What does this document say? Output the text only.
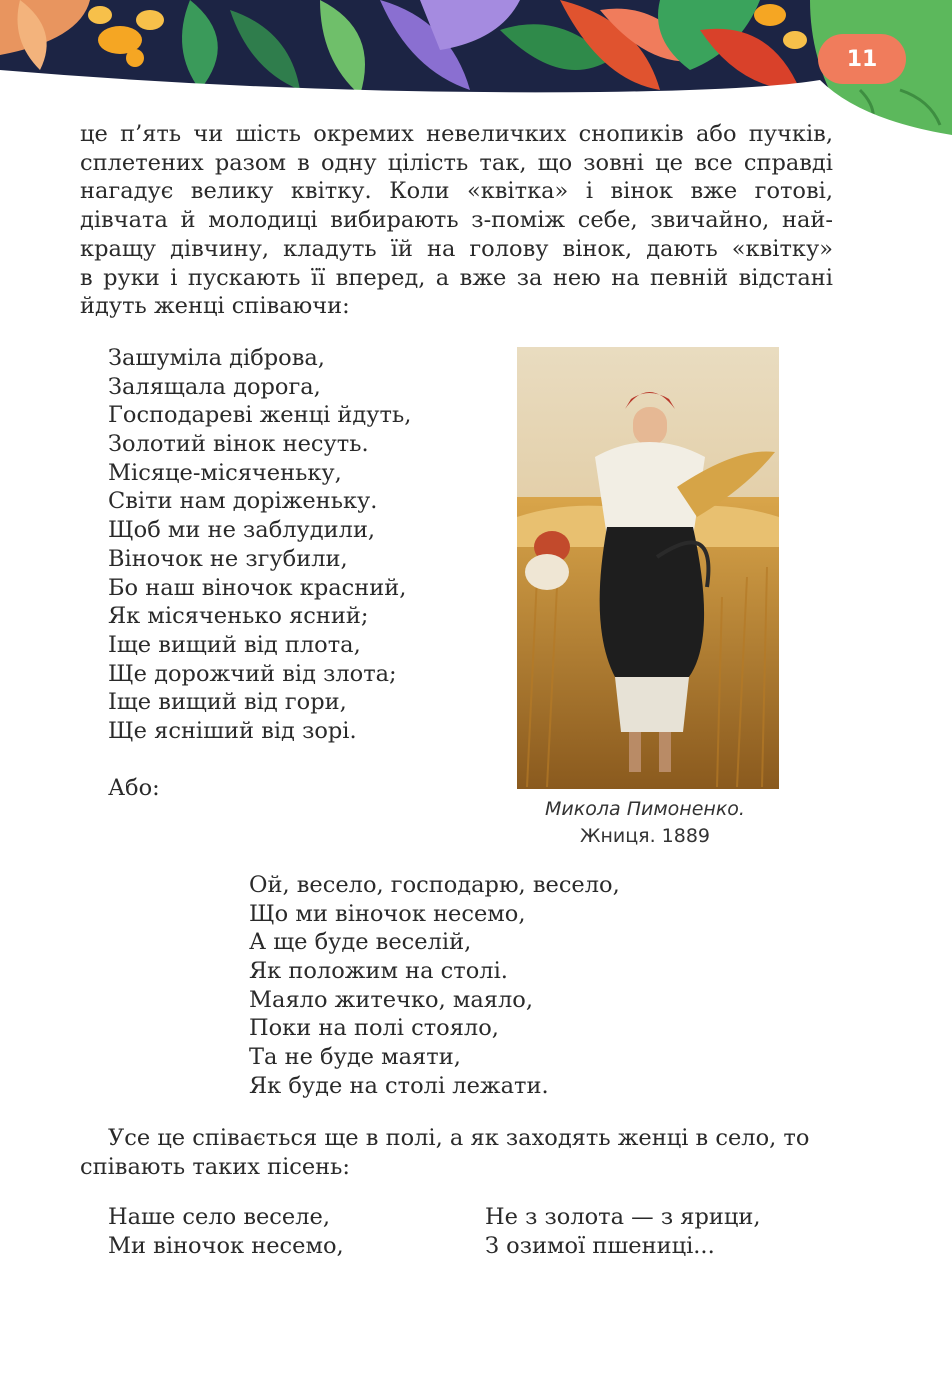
11
це п’ять чи шість окремих невеличких снопиків або пучків,
сплетених разом в одну цілість так, що зовні це все справді
нагадує велику квітку. Коли «квітка» і вінок вже готові,
дівчата й молодиці вибирають з-поміж себе, звичайно, най-
кращу дівчину, кладуть їй на голову вінок, дають «квітку»
в руки і пускають її вперед, а вже за нею на певній відстані
йдуть женці співаючи:
Зашуміла діброва,
Залящала дорога,
Господареві женці йдуть,
Золотий вінок несуть.
Місяце-місяченьку,
Світи нам доріженьку.
Щоб ми не заблудили,
Віночок не згубили,
Бо наш віночок красний,
Як місяченько ясний;
Іще вищий від плота,
Ще дорожчий від злота;
Іще вищий від гори,
Ще ясніший від зорі.
Або:
Микола Пимоненко.
Жниця. 1889
Ой, весело, господарю, весело,
Що ми віночок несемо,
А ще буде веселій,
Як положим на столі.
Маяло житечко, маяло,
Поки на полі стояло,
Та не буде маяти,
Як буде на столі лежати.
Усе це співається ще в полі, а як заходять женці в село, то
співають таких пісень:
Наше село веселе,
Ми віночок несемо,
Не з золота — з ярици,
З озимої пшениці...
